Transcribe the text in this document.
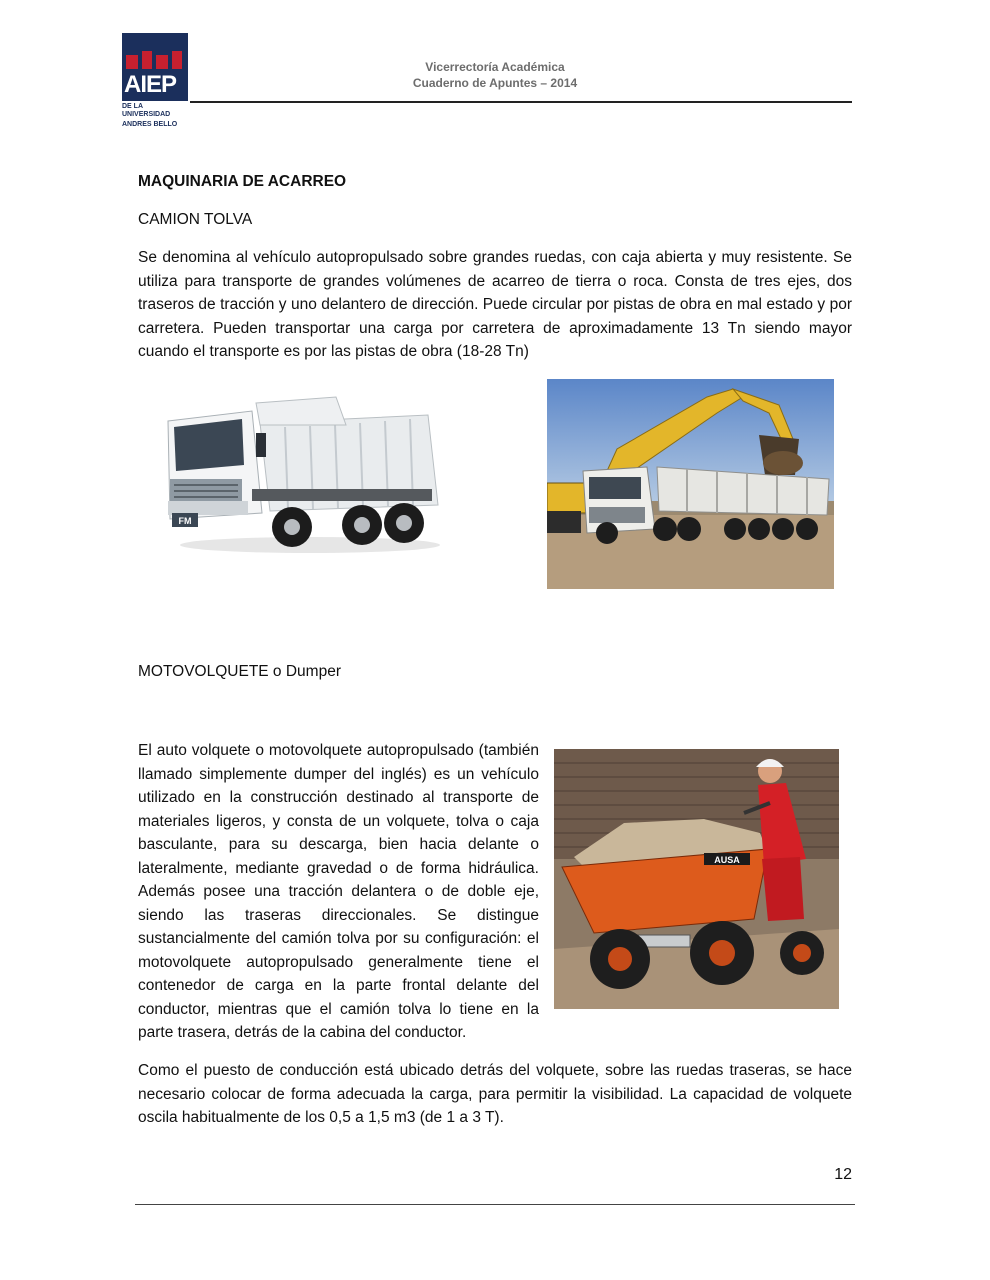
AIEP
DE LA UNIVERSIDAD
ANDRES BELLO
Vicerrectoría Académica
Cuaderno de Apuntes – 2014
MAQUINARIA DE ACARREO
CAMION TOLVA
Se denomina al vehículo autopropulsado sobre grandes ruedas, con caja abierta y muy resistente. Se utiliza para transporte de grandes volúmenes de acarreo de tierra o roca. Consta de tres ejes, dos traseros de tracción y uno delantero de dirección. Puede circular por pistas de obra en mal estado y por carretera. Pueden transportar una carga por carretera de aproximadamente 13 Tn siendo mayor cuando el transporte es por las pistas de obra (18-28 Tn)
FM
MOTOVOLQUETE o Dumper
El auto volquete o motovolquete autopropulsado (también llamado simplemente dumper del inglés) es un vehículo utilizado en la construcción destinado al transporte de materiales ligeros, y consta de un volquete, tolva o caja basculante, para su descarga, bien hacia delante o lateralmente, mediante gravedad o de forma hidráulica. Además posee una tracción delantera o de doble eje, siendo las traseras direccionales. Se distingue sustancialmente del camión tolva por su configuración: el motovolquete autopropulsado generalmente tiene el contenedor de carga en la parte frontal delante del conductor, mientras que el camión tolva lo tiene en la parte trasera, detrás de la cabina del conductor.
AUSA
Como el puesto de conducción está ubicado detrás del volquete, sobre las ruedas traseras, se hace necesario colocar de forma adecuada la carga, para permitir la visibilidad. La capacidad de volquete oscila habitualmente de los 0,5 a 1,5 m3 (de 1 a 3 T).
12
